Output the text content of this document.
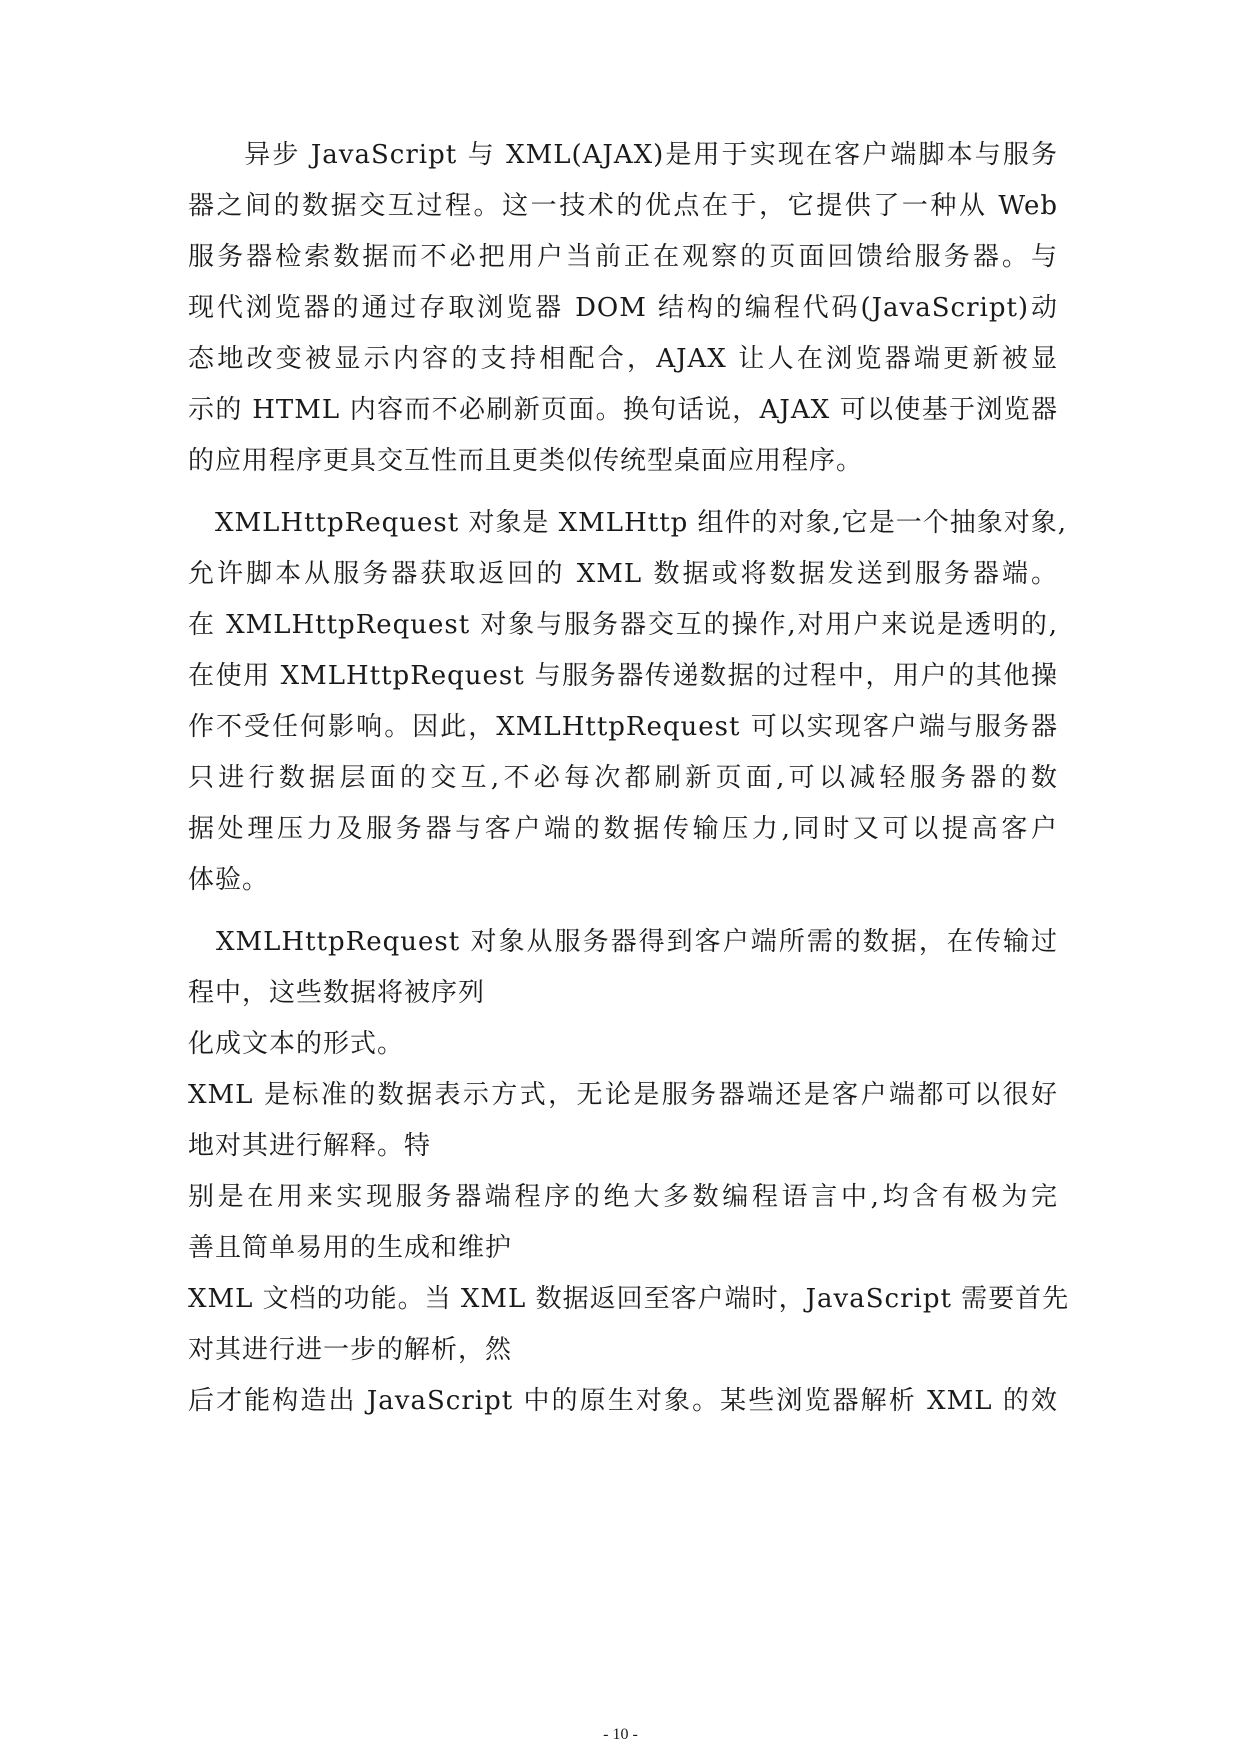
　　异步 JavaScript 与 XML(AJAX)是用于实现在客户端脚本与服务
器之间的数据交互过程。这一技术的优点在于，它提供了一种从 Web
服务器检索数据而不必把用户当前正在观察的页面回馈给服务器。与
现代浏览器的通过存取浏览器 DOM 结构的编程代码(JavaScript)动
态地改变被显示内容的支持相配合，AJAX 让人在浏览器端更新被显
示的 HTML 内容而不必刷新页面。换句话说，AJAX 可以使基于浏览器
的应用程序更具交互性而且更类似传统型桌面应用程序。
　XMLHttpRequest 对象是 XMLHttp 组件的对象,它是一个抽象对象,
允许脚本从服务器获取返回的 XML 数据或将数据发送到服务器端。
在 XMLHttpRequest 对象与服务器交互的操作,对用户来说是透明的,
在使用 XMLHttpRequest 与服务器传递数据的过程中，用户的其他操
作不受任何影响。因此，XMLHttpRequest 可以实现客户端与服务器
只进行数据层面的交互,不必每次都刷新页面,可以减轻服务器的数
据处理压力及服务器与客户端的数据传输压力,同时又可以提高客户
体验。
　XMLHttpRequest 对象从服务器得到客户端所需的数据，在传输过
程中，这些数据将被序列
化成文本的形式。
XML 是标准的数据表示方式，无论是服务器端还是客户端都可以很好
地对其进行解释。特
别是在用来实现服务器端程序的绝大多数编程语言中,均含有极为完
善且简单易用的生成和维护
XML 文档的功能。当 XML 数据返回至客户端时，JavaScript 需要首先
对其进行进一步的解析，然
后才能构造出 JavaScript 中的原生对象。某些浏览器解析 XML 的效
- 10 -
